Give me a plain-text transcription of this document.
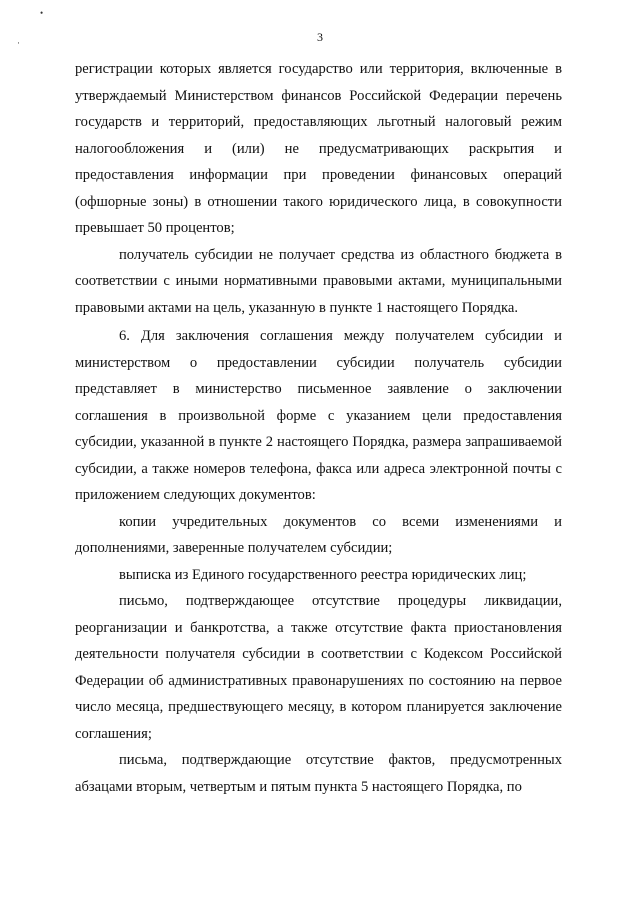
•
·	3

регистрации которых является государство или территория, включенные в утверждаемый Министерством финансов Российской Федерации перечень государств и территорий, предоставляющих льготный налоговый режим налогообложения и (или) не предусматривающих раскрытия и предоставления информации при проведении финансовых операций (офшорные зоны) в отношении такого юридического лица, в совокупности превышает 50 процентов;

получатель субсидии не получает средства из областного бюджета в соответствии с иными нормативными правовыми актами, муниципальными правовыми актами на цель, указанную в пункте 1 настоящего Порядка.

6. Для заключения соглашения между получателем субсидии и министерством о предоставлении субсидии получатель субсидии представляет в министерство письменное заявление о заключении соглашения в произвольной форме с указанием цели предоставления субсидии, указанной в пункте 2 настоящего Порядка, размера запрашиваемой субсидии, а также номеров телефона, факса или адреса электронной почты с приложением следующих документов:

копии учредительных документов со всеми изменениями и дополнениями, заверенные получателем субсидии;

выписка из Единого государственного реестра юридических лиц;

письмо, подтверждающее отсутствие процедуры ликвидации, реорганизации и банкротства, а также отсутствие факта приостановления деятельности получателя субсидии в соответствии с Кодексом Российской Федерации об административных правонарушениях по состоянию на первое число месяца, предшествующего месяцу, в котором планируется заключение соглашения;

письма, подтверждающие отсутствие фактов, предусмотренных абзацами вторым, четвертым и пятым пункта 5 настоящего Порядка, по
